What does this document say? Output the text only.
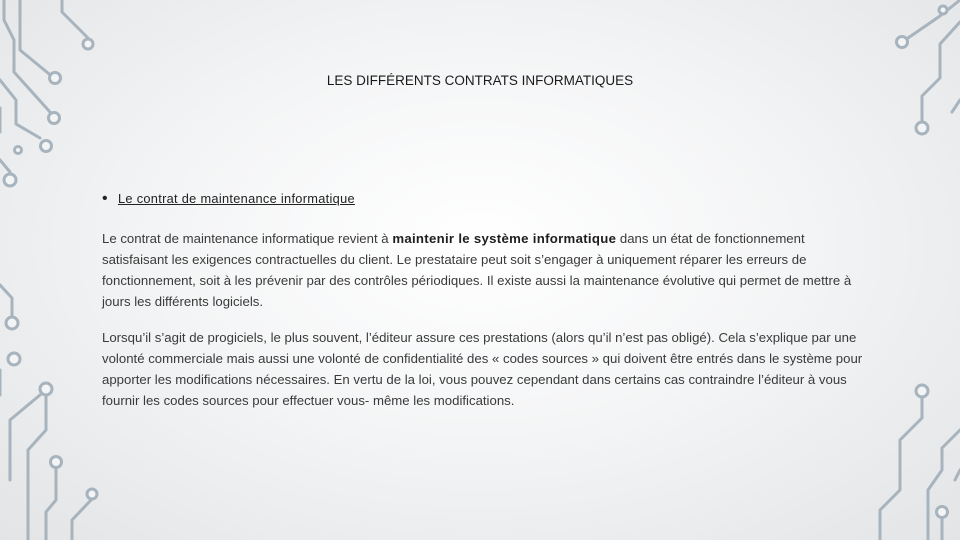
LES DIFFÉRENTS CONTRATS INFORMATIQUES
• Le contrat de maintenance informatique

Le contrat de maintenance informatique revient à maintenir le système informatique dans un état de fonctionnement satisfaisant les exigences contractuelles du client. Le prestataire peut soit s’engager à uniquement réparer les erreurs de fonctionnement, soit à les prévenir par des contrôles périodiques. Il existe aussi la maintenance évolutive qui permet de mettre à jours les différents logiciels.

Lorsqu’il s’agit de progiciels, le plus souvent, l’éditeur assure ces prestations (alors qu’il n’est pas obligé). Cela s’explique par une volonté commerciale mais aussi une volonté de confidentialité des « codes sources » qui doivent être entrés dans le système pour apporter les modifications nécessaires. En vertu de la loi, vous pouvez cependant dans certains cas contraindre l’éditeur à vous fournir les codes sources pour effectuer vous- même les modifications.
